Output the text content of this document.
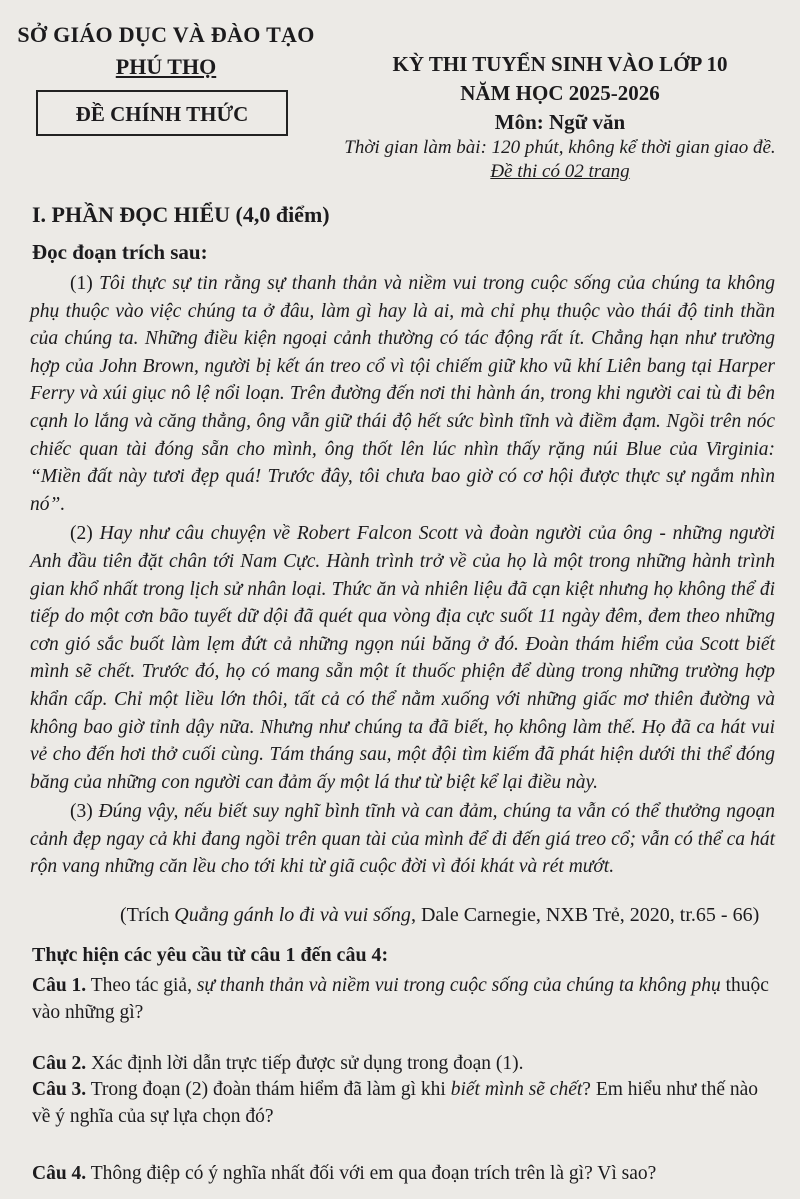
SỞ GIÁO DỤC VÀ ĐÀO TẠO
PHÚ THỌ
ĐỀ CHÍNH THỨC
KỲ THI TUYỂN SINH VÀO LỚP 10
NĂM HỌC 2025-2026
Môn: Ngữ văn
Thời gian làm bài: 120 phút, không kể thời gian giao đề.
Đề thi có 02 trang
I. PHẦN ĐỌC HIỂU (4,0 điểm)
Đọc đoạn trích sau:

(1) Tôi thực sự tin rằng sự thanh thản và niềm vui trong cuộc sống của chúng ta không phụ thuộc vào việc chúng ta ở đâu, làm gì hay là ai, mà chỉ phụ thuộc vào thái độ tinh thần của chúng ta. Những điều kiện ngoại cảnh thường có tác động rất ít. Chẳng hạn như trường hợp của John Brown, người bị kết án treo cổ vì tội chiếm giữ kho vũ khí Liên bang tại Harper Ferry và xúi giục nô lệ nổi loạn. Trên đường đến nơi thi hành án, trong khi người cai tù đi bên cạnh lo lắng và căng thẳng, ông vẫn giữ thái độ hết sức bình tĩnh và điềm đạm. Ngồi trên nóc chiếc quan tài đóng sẵn cho mình, ông thốt lên lúc nhìn thấy rặng núi Blue của Virginia: “Miền đất này tươi đẹp quá! Trước đây, tôi chưa bao giờ có cơ hội được thực sự ngắm nhìn nó”.

(2) Hay như câu chuyện về Robert Falcon Scott và đoàn người của ông - những người Anh đầu tiên đặt chân tới Nam Cực. Hành trình trở về của họ là một trong những hành trình gian khổ nhất trong lịch sử nhân loại. Thức ăn và nhiên liệu đã cạn kiệt nhưng họ không thể đi tiếp do một cơn bão tuyết dữ dội đã quét qua vòng địa cực suốt 11 ngày đêm, đem theo những cơn gió sắc buốt làm lẹm đứt cả những ngọn núi băng ở đó. Đoàn thám hiểm của Scott biết mình sẽ chết. Trước đó, họ có mang sẵn một ít thuốc phiện để dùng trong những trường hợp khẩn cấp. Chỉ một liều lớn thôi, tất cả có thể nằm xuống với những giấc mơ thiên đường và không bao giờ tỉnh dậy nữa. Nhưng như chúng ta đã biết, họ không làm thế. Họ đã ca hát vui vẻ cho đến hơi thở cuối cùng. Tám tháng sau, một đội tìm kiếm đã phát hiện dưới thi thể đóng băng của những con người can đảm ấy một lá thư từ biệt kể lại điều này.

(3) Đúng vậy, nếu biết suy nghĩ bình tĩnh và can đảm, chúng ta vẫn có thể thưởng ngoạn cảnh đẹp ngay cả khi đang ngồi trên quan tài của mình để đi đến giá treo cổ; vẫn có thể ca hát rộn vang những căn lều cho tới khi từ giã cuộc đời vì đói khát và rét mướt.

(Trích Quẳng gánh lo đi và vui sống, Dale Carnegie, NXB Trẻ, 2020, tr.65 - 66)
Thực hiện các yêu cầu từ câu 1 đến câu 4:
Câu 1. Theo tác giả, sự thanh thản và niềm vui trong cuộc sống của chúng ta không phụ thuộc vào những gì?
Câu 2. Xác định lời dẫn trực tiếp được sử dụng trong đoạn (1).
Câu 3. Trong đoạn (2) đoàn thám hiểm đã làm gì khi biết mình sẽ chết? Em hiểu như thế nào về ý nghĩa của sự lựa chọn đó?
Câu 4. Thông điệp có ý nghĩa nhất đối với em qua đoạn trích trên là gì? Vì sao?
